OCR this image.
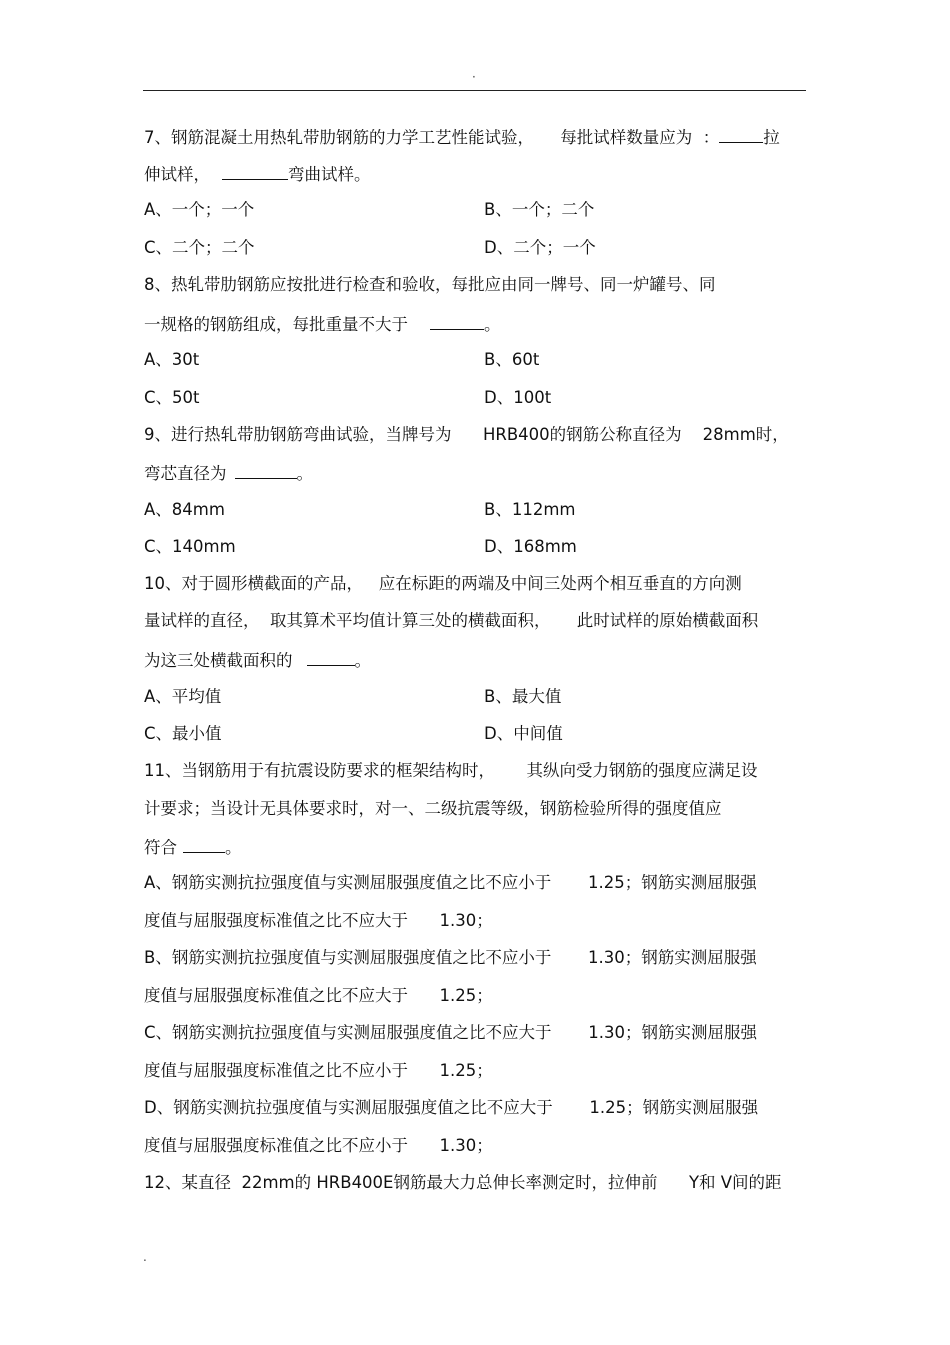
·
7、钢筋混凝土用热轧带肋钢筋的力学工艺性能试验，     每批试样数量应为  ：	拉
伸试样，	弯曲试样。
A、一个；一个	B、一个；二个
C、二个；二个	D、二个；一个
8、热轧带肋钢筋应按批进行检查和验收，每批应由同一牌号、同一炉罐号、同
一规格的钢筋组成，每批重量不大于	。
A、30t	B、60t
C、50t	D、100t
9、进行热轧带肋钢筋弯曲试验，当牌号为      HRB400的钢筋公称直径为    28mm时，
弯芯直径为	。
A、84mm	B、112mm
C、140mm	D、168mm
10、对于圆形横截面的产品，   应在标距的两端及中间三处两个相互垂直的方向测
量试样的直径，  取其算术平均值计算三处的横截面积，     此时试样的原始横截面积
为这三处横截面积的	。
A、平均值	B、最大值
C、最小值	D、中间值
11、当钢筋用于有抗震设防要求的框架结构时，      其纵向受力钢筋的强度应满足设
计要求；当设计无具体要求时，对一、二级抗震等级，钢筋检验所得的强度值应
符合	。
A、钢筋实测抗拉强度值与实测屈服强度值之比不应小于       1.25；钢筋实测屈服强
度值与屈服强度标准值之比不应大于      1.30；
B、钢筋实测抗拉强度值与实测屈服强度值之比不应小于       1.30；钢筋实测屈服强
度值与屈服强度标准值之比不应大于      1.25；
C、钢筋实测抗拉强度值与实测屈服强度值之比不应大于       1.30；钢筋实测屈服强
度值与屈服强度标准值之比不应小于      1.25；
D、钢筋实测抗拉强度值与实测屈服强度值之比不应大于       1.25；钢筋实测屈服强
度值与屈服强度标准值之比不应小于      1.30；
12、某直径  22mm的 HRB400E钢筋最大力总伸长率测定时，拉伸前      Y和 V间的距
.
